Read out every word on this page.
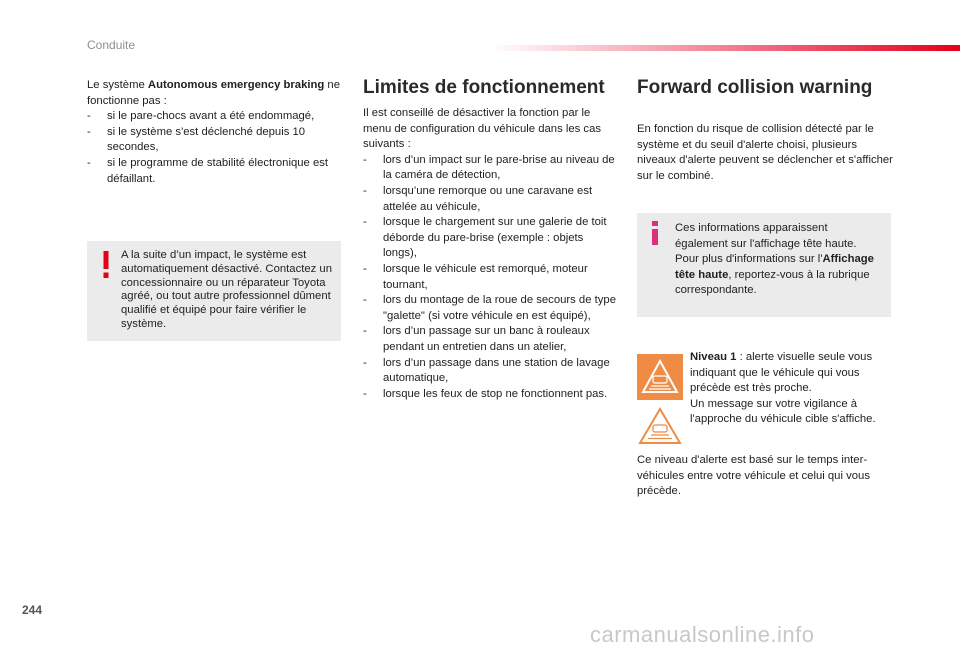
Conduite

Le système Autonomous emergency braking ne fonctionne pas :

- si le pare-chocs avant a été endommagé,
- si le système s'est déclenché depuis 10 secondes,
- si le programme de stabilité électronique est défaillant.
A la suite d’un impact, le système est automatiquement désactivé. Contactez un concessionnaire ou un réparateur Toyota agréé, ou tout autre professionnel dûment qualifié et équipé pour faire vérifier le système.
Limites de fonctionnement

Il est conseillé de désactiver la fonction par le menu de configuration du véhicule dans les cas suivants :

- lors d’un impact sur le pare-brise au niveau de la caméra de détection,
- lorsqu’une remorque ou une caravane est attelée au véhicule,
- lorsque le chargement sur une galerie de toit déborde du pare-brise (exemple : objets longs),
- lorsque le véhicule est remorqué, moteur tournant,
- lors du montage de la roue de secours de type "galette" (si votre véhicule en est équipé),
- lors d’un passage sur un banc à rouleaux pendant un entretien dans un atelier,
- lors d’un passage dans une station de lavage automatique,
- lorsque les feux de stop ne fonctionnent pas.
Forward collision warning

En fonction du risque de collision détecté par le système et du seuil d'alerte choisi, plusieurs niveaux d'alerte peuvent se déclencher et s'afficher sur le combiné.

Ces informations apparaissent également sur l'affichage tête haute. Pour plus d'informations sur l'Affichage tête haute, reportez-vous à la rubrique correspondante.

Niveau 1 : alerte visuelle seule vous indiquant que le véhicule qui vous précède est très proche.

Un message sur votre vigilance à l'approche du véhicule cible s'affiche.

Ce niveau d'alerte est basé sur le temps inter-véhicules entre votre véhicule et celui qui vous précède.
244
carmanualsonline.info
